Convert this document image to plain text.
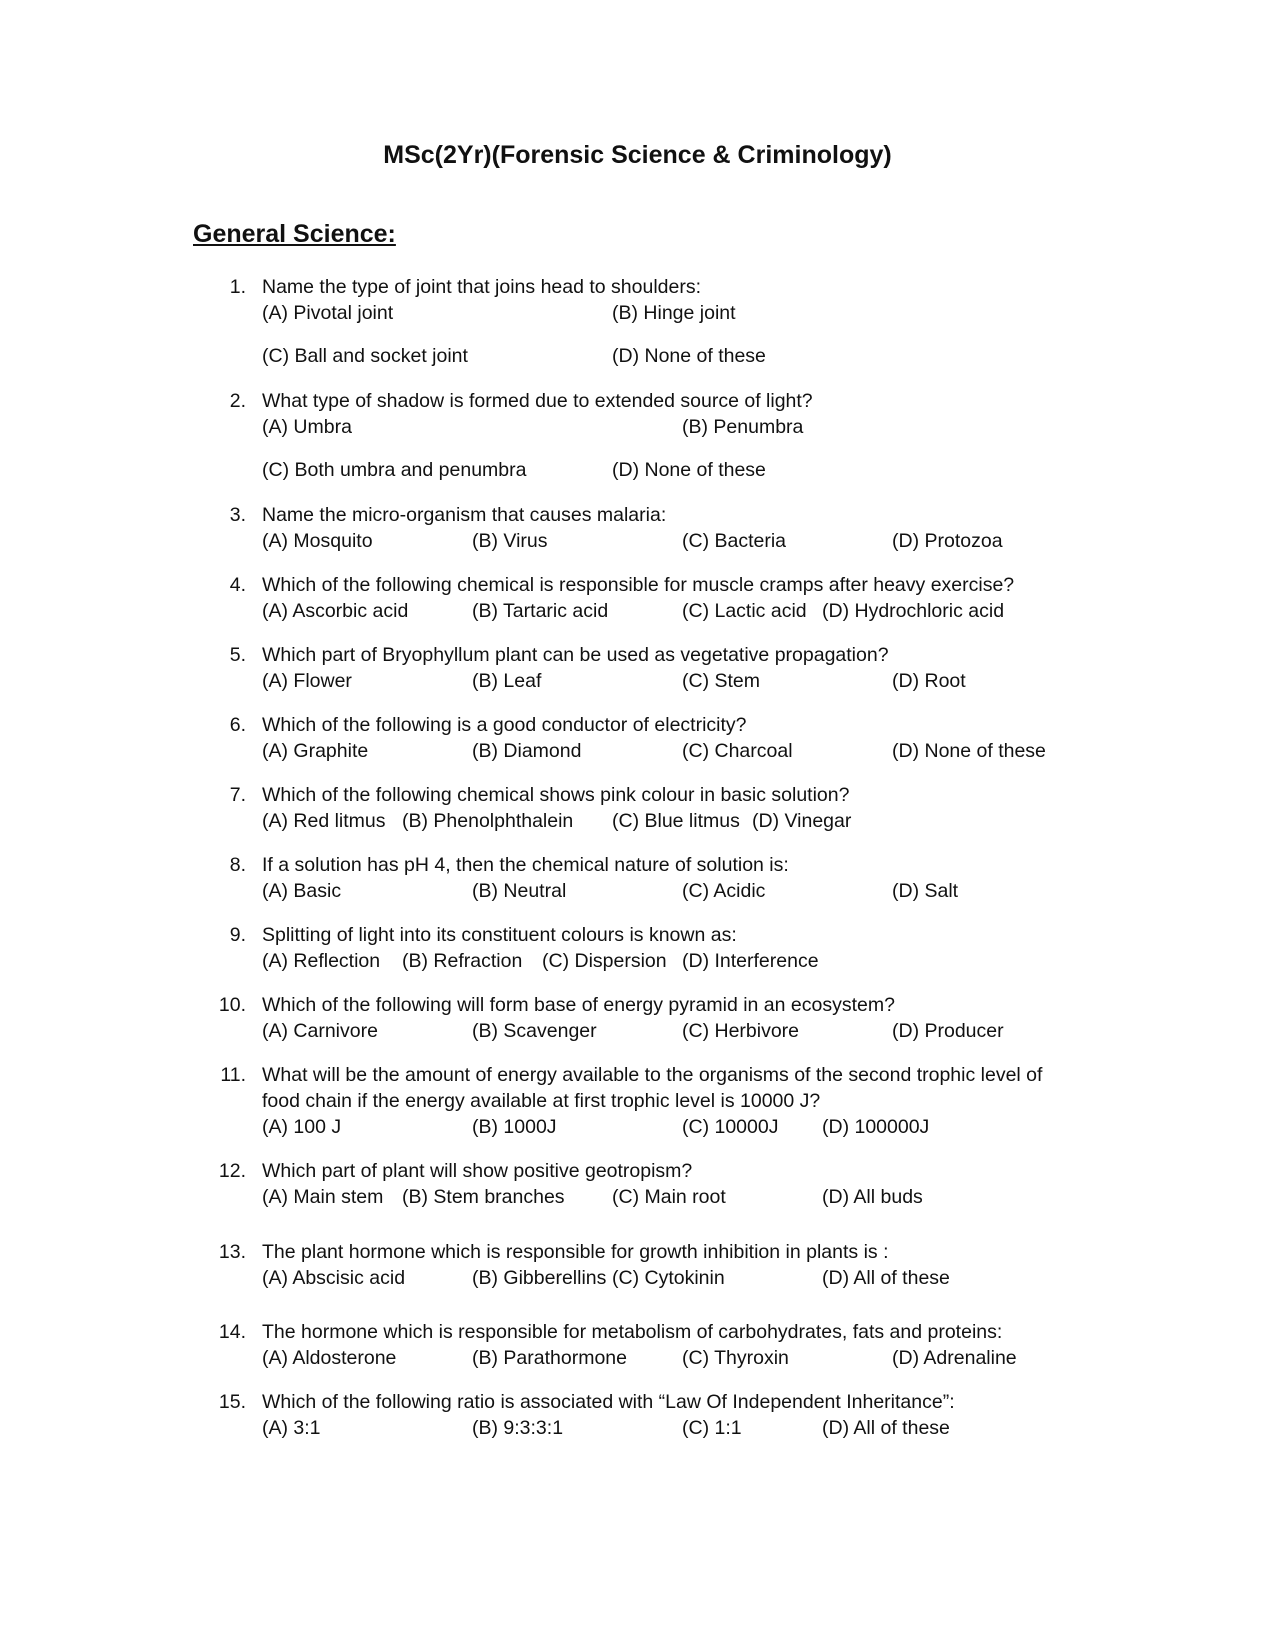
MSc(2Yr)(Forensic Science & Criminology)
General Science:
1. Name the type of joint that joins head to shoulders:
(A) Pivotal joint	(B) Hinge joint
(C) Ball and socket joint	(D) None of these
2. What type of shadow is formed due to extended source of light?
(A) Umbra	(B) Penumbra
(C) Both umbra and penumbra	(D) None of these
3. Name the micro-organism that causes malaria:
(A) Mosquito	(B) Virus	(C) Bacteria	(D) Protozoa
4. Which of the following chemical is responsible for muscle cramps after heavy exercise?
(A) Ascorbic acid	(B) Tartaric acid	(C) Lactic acid (D) Hydrochloric acid
5. Which part of Bryophyllum plant can be used as vegetative propagation?
(A) Flower	(B) Leaf	(C) Stem	(D) Root
6. Which of the following is a good conductor of electricity?
(A) Graphite	(B) Diamond	(C) Charcoal	(D) None of these
7. Which of the following chemical shows pink colour in basic solution?
(A) Red litmus (B) Phenolphthalein (C) Blue litmus (D) Vinegar
8. If a solution has pH 4, then the chemical nature of solution is:
(A) Basic	(B) Neutral	(C) Acidic	(D) Salt
9. Splitting of light into its constituent colours is known as:
(A) Reflection (B) Refraction (C) Dispersion (D) Interference
10. Which of the following will form base of energy pyramid in an ecosystem?
(A) Carnivore	(B) Scavenger	(C) Herbivore	(D) Producer
11. What will be the amount of energy available to the organisms of the second trophic level of
food chain if the energy available at first trophic level is 10000 J?
(A) 100 J	(B) 1000J	(C) 10000J (D) 100000J
12. Which part of plant will show positive geotropism?
(A) Main stem (B) Stem branches (C) Main root	(D) All buds
13. The plant hormone which is responsible for growth inhibition in plants is :
(A) Abscisic acid	(B) Gibberellins (C) Cytokinin	(D) All of these
14. The hormone which is responsible for metabolism of carbohydrates, fats and proteins:
(A) Aldosterone	(B) Parathormone	(C) Thyroxin	(D) Adrenaline
15. Which of the following ratio is associated with “Law Of Independent Inheritance”:
(A) 3:1	(B) 9:3:3:1	(C) 1:1	(D) All of these
